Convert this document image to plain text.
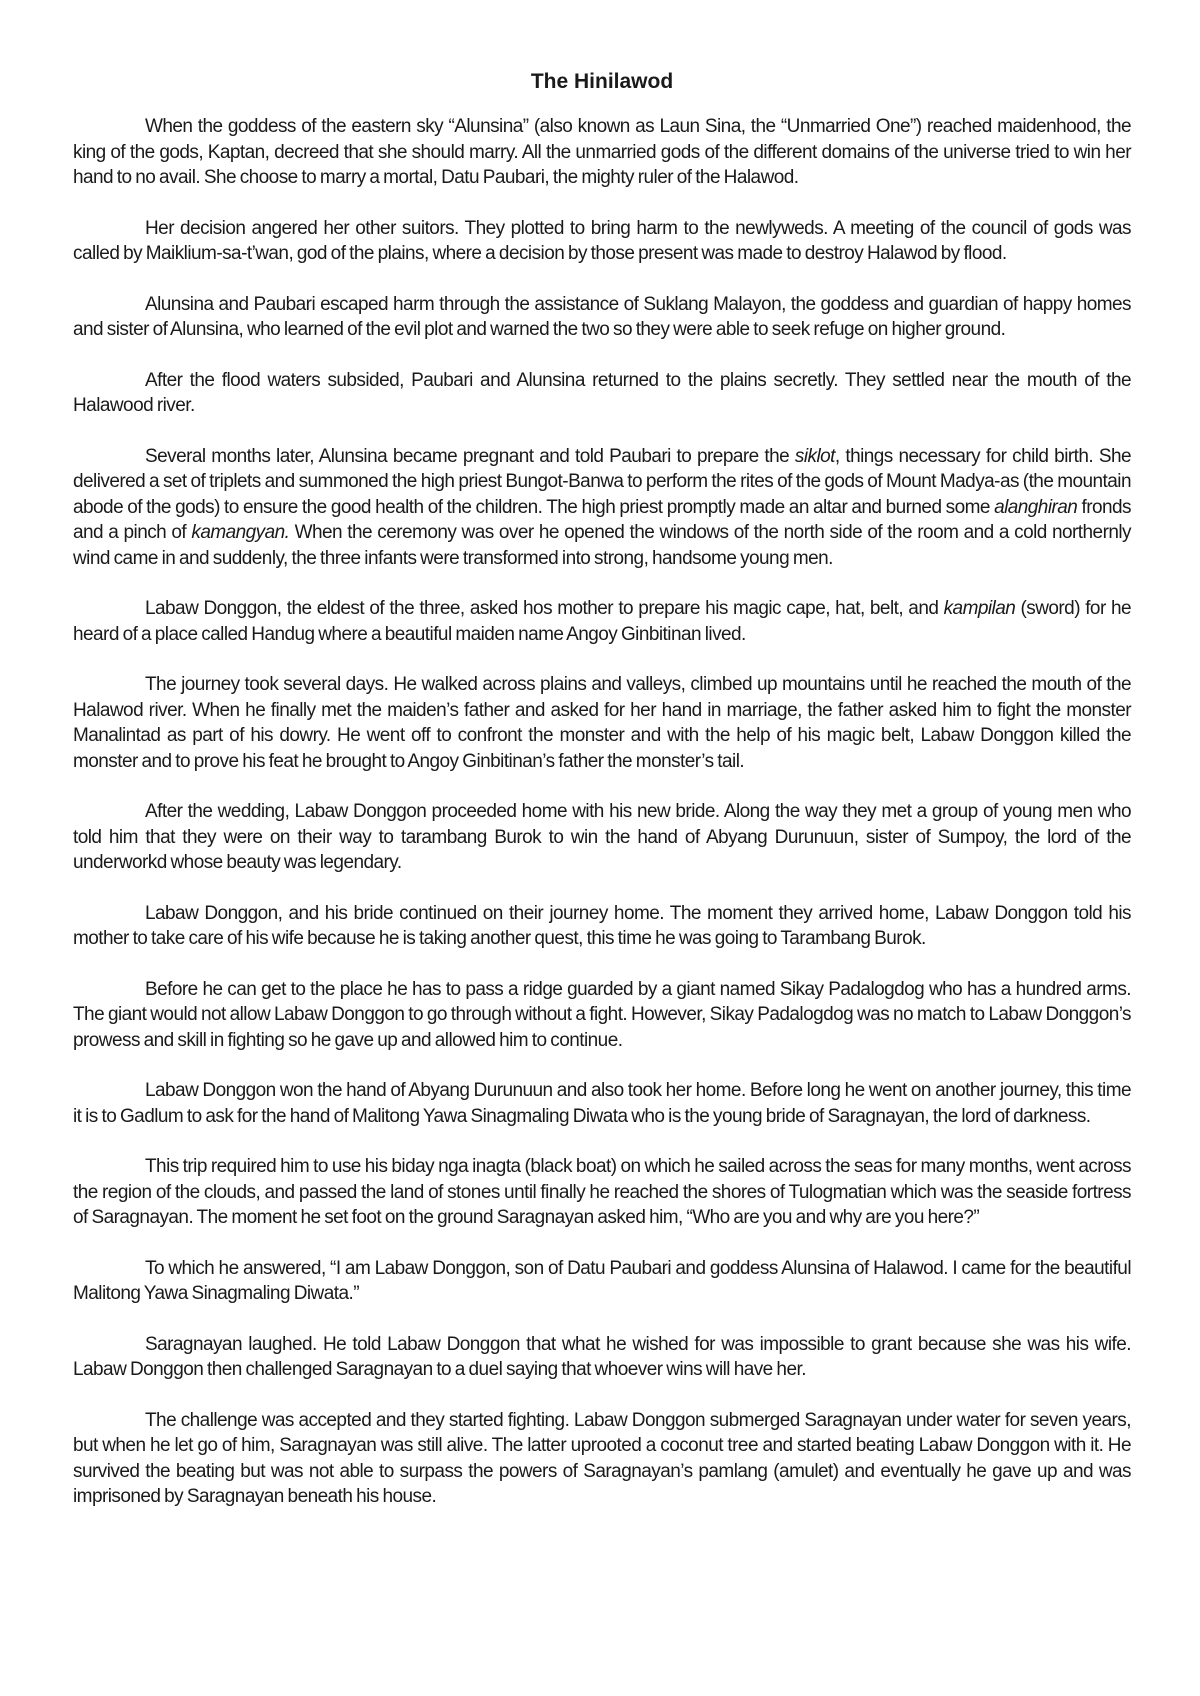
The Hinilawod

When the goddess of the eastern sky “Alunsina” (also known as Laun Sina, the “Unmarried One”) reached maidenhood, the king of the gods, Kaptan, decreed that she should marry. All the unmarried gods of the different domains of the universe tried to win her hand to no avail. She choose to marry a mortal, Datu Paubari, the mighty ruler of the Halawod.

Her decision angered her other suitors. They plotted to bring harm to the newlyweds. A meeting of the council of gods was called by Maiklium-sa-t’wan, god of the plains, where a decision by those present was made to destroy Halawod by flood.

Alunsina and Paubari escaped harm through the assistance of Suklang Malayon, the goddess and guardian of happy homes and sister of Alunsina, who learned of the evil plot and warned the two so they were able to seek refuge on higher ground.

After the flood waters subsided, Paubari and Alunsina returned to the plains secretly. They settled near the mouth of the Halawood river.

Several months later, Alunsina became pregnant and told Paubari to prepare the siklot, things necessary for child birth. She delivered a set of triplets and summoned the high priest Bungot-Banwa to perform the rites of the gods of Mount Madya-as (the mountain abode of the gods) to ensure the good health of the children. The high priest promptly made an altar and burned some alanghiran fronds and a pinch of kamangyan. When the ceremony was over he opened the windows of the north side of the room and a cold northernly wind came in and suddenly, the three infants were transformed into strong, handsome young men.

Labaw Donggon, the eldest of the three, asked hos mother to prepare his magic cape, hat, belt, and kampilan (sword) for he heard of a place called Handug where a beautiful maiden name Angoy Ginbitinan lived.

The journey took several days. He walked across plains and valleys, climbed up mountains until he reached the mouth of the Halawod river. When he finally met the maiden’s father and asked for her hand in marriage, the father asked him to fight the monster Manalintad as part of his dowry. He went off to confront the monster and with the help of his magic belt, Labaw Donggon killed the monster and to prove his feat he brought to Angoy Ginbitinan’s father the monster’s tail.

After the wedding, Labaw Donggon proceeded home with his new bride. Along the way they met a group of young men who told him that they were on their way to tarambang Burok to win the hand of Abyang Durunuun, sister of Sumpoy, the lord of the underworkd whose beauty was legendary.

Labaw Donggon, and his bride continued on their journey home. The moment they arrived home, Labaw Donggon told his mother to take care of his wife because he is taking another quest, this time he was going to Tarambang Burok.

Before he can get to the place he has to pass a ridge guarded by a giant named Sikay Padalogdog who has a hundred arms. The giant would not allow Labaw Donggon to go through without a fight. However, Sikay Padalogdog was no match to Labaw Donggon’s prowess and skill in fighting so he gave up and allowed him to continue.

Labaw Donggon won the hand of Abyang Durunuun and also took her home. Before long he went on another journey, this time it is to Gadlum to ask for the hand of Malitong Yawa Sinagmaling Diwata who is the young bride of Saragnayan, the lord of darkness.

This trip required him to use his biday nga inagta (black boat) on which he sailed across the seas for many months, went across the region of the clouds, and passed the land of stones until finally he reached the shores of Tulogmatian which was the seaside fortress of Saragnayan. The moment he set foot on the ground Saragnayan asked him, “Who are you and why are you here?”

To which he answered, “I am Labaw Donggon, son of Datu Paubari and goddess Alunsina of Halawod. I came for the beautiful Malitong Yawa Sinagmaling Diwata.”

Saragnayan laughed. He told Labaw Donggon that what he wished for was impossible to grant because she was his wife. Labaw Donggon then challenged Saragnayan to a duel saying that whoever wins will have her.

The challenge was accepted and they started fighting. Labaw Donggon submerged Saragnayan under water for seven years, but when he let go of him, Saragnayan was still alive. The latter uprooted a coconut tree and started beating Labaw Donggon with it. He survived the beating but was not able to surpass the powers of Saragnayan’s pamlang (amulet) and eventually he gave up and was imprisoned by Saragnayan beneath his house.
